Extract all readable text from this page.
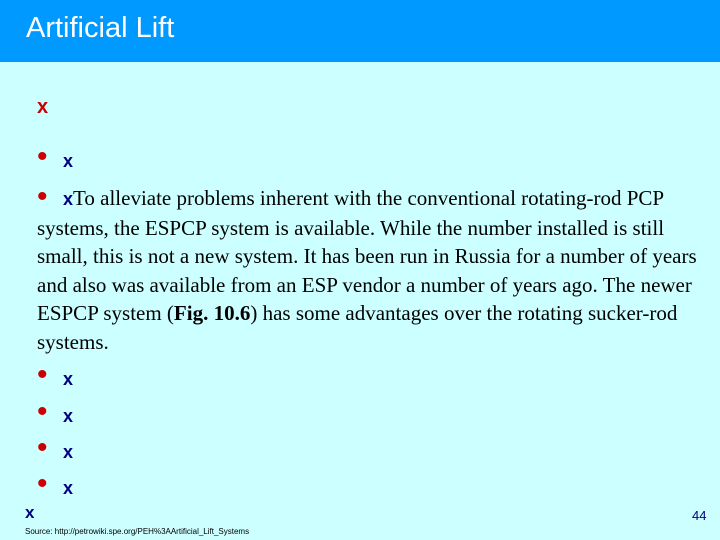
Artificial Lift
x
• x
• xTo alleviate problems inherent with the conventional rotating-rod PCP systems, the ESPCP system is available. While the number installed is still small, this is not a new system. It has been run in Russia for a number of years and also was available from an ESP vendor a number of years ago. The newer ESPCP system (Fig. 10.6) has some advantages over the rotating sucker-rod systems.
• x
• x
• x
• x
x	44
Source: http://petrowiki.spe.org/PEH%3AArtificial_Lift_Systems
